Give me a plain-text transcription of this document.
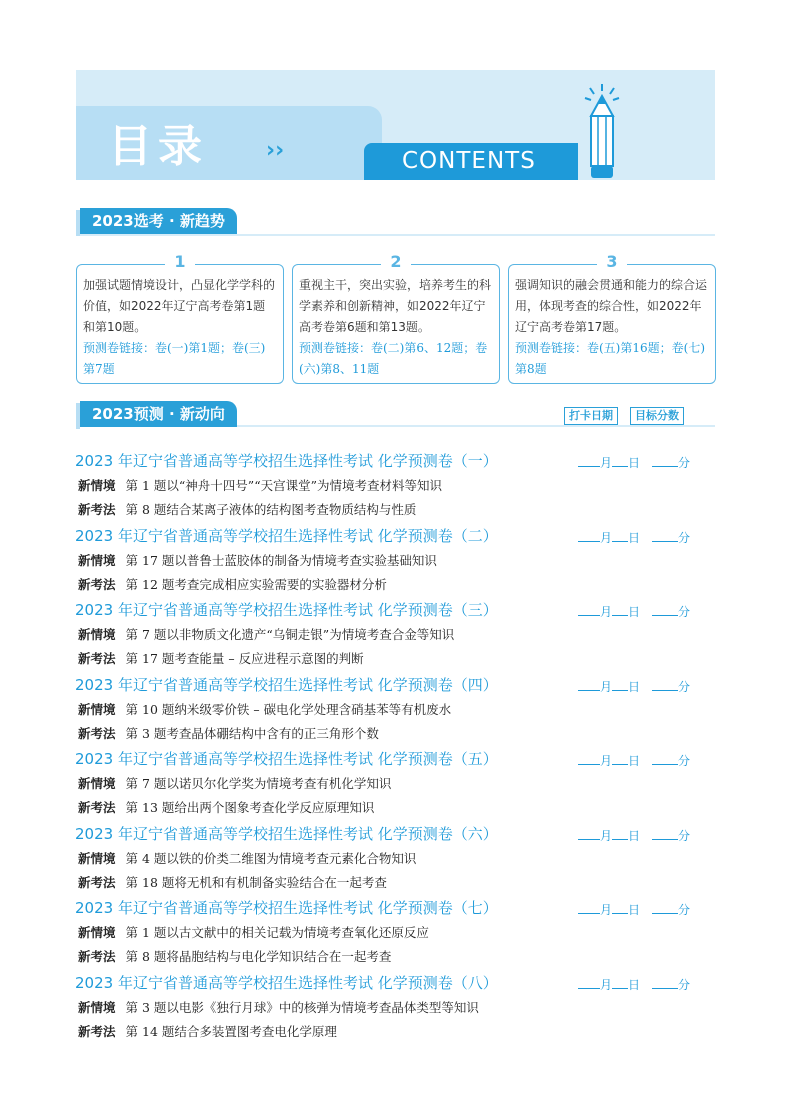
目录	››	CONTENTS
2023选考 · 新趋势
1
加强试题情境设计，凸显化学学科的价值，如2022年辽宁高考卷第1题和第10题。
预测卷链接：卷(一)第1题；卷(三)第7题
2
重视主干，突出实验，培养考生的科学素养和创新精神，如2022年辽宁高考卷第6题和第13题。
预测卷链接：卷(二)第6、12题；卷(六)第8、11题
3
强调知识的融会贯通和能力的综合运用，体现考查的综合性，如2022年辽宁高考卷第17题。
预测卷链接：卷(五)第16题；卷(七)第8题
2023预测 · 新动向	打卡日期	目标分数
2023 年辽宁省普通高等学校招生选择性考试 化学预测卷（一）	月 日	分
新情境 第 1 题以“神舟十四号”“天宫课堂”为情境考查材料等知识
新考法 第 8 题结合某离子液体的结构图考查物质结构与性质
2023 年辽宁省普通高等学校招生选择性考试 化学预测卷（二）	月 日	分
新情境 第 17 题以普鲁士蓝胶体的制备为情境考查实验基础知识
新考法 第 12 题考查完成相应实验需要的实验器材分析
2023 年辽宁省普通高等学校招生选择性考试 化学预测卷（三）	月 日	分
新情境 第 7 题以非物质文化遗产“乌铜走银”为情境考查合金等知识
新考法 第 17 题考查能量 – 反应进程示意图的判断
2023 年辽宁省普通高等学校招生选择性考试 化学预测卷（四）	月 日	分
新情境 第 10 题纳米级零价铁 – 碳电化学处理含硝基苯等有机废水
新考法 第 3 题考查晶体硼结构中含有的正三角形个数
2023 年辽宁省普通高等学校招生选择性考试 化学预测卷（五）	月 日	分
新情境 第 7 题以诺贝尔化学奖为情境考查有机化学知识
新考法 第 13 题给出两个图象考查化学反应原理知识
2023 年辽宁省普通高等学校招生选择性考试 化学预测卷（六）	月 日	分
新情境 第 4 题以铁的价类二维图为情境考查元素化合物知识
新考法 第 18 题将无机和有机制备实验结合在一起考查
2023 年辽宁省普通高等学校招生选择性考试 化学预测卷（七）	月 日	分
新情境 第 1 题以古文献中的相关记载为情境考查氧化还原反应
新考法 第 8 题将晶胞结构与电化学知识结合在一起考查
2023 年辽宁省普通高等学校招生选择性考试 化学预测卷（八）	月 日	分
新情境 第 3 题以电影《独行月球》中的核弹为情境考查晶体类型等知识
新考法 第 14 题结合多装置图考查电化学原理
